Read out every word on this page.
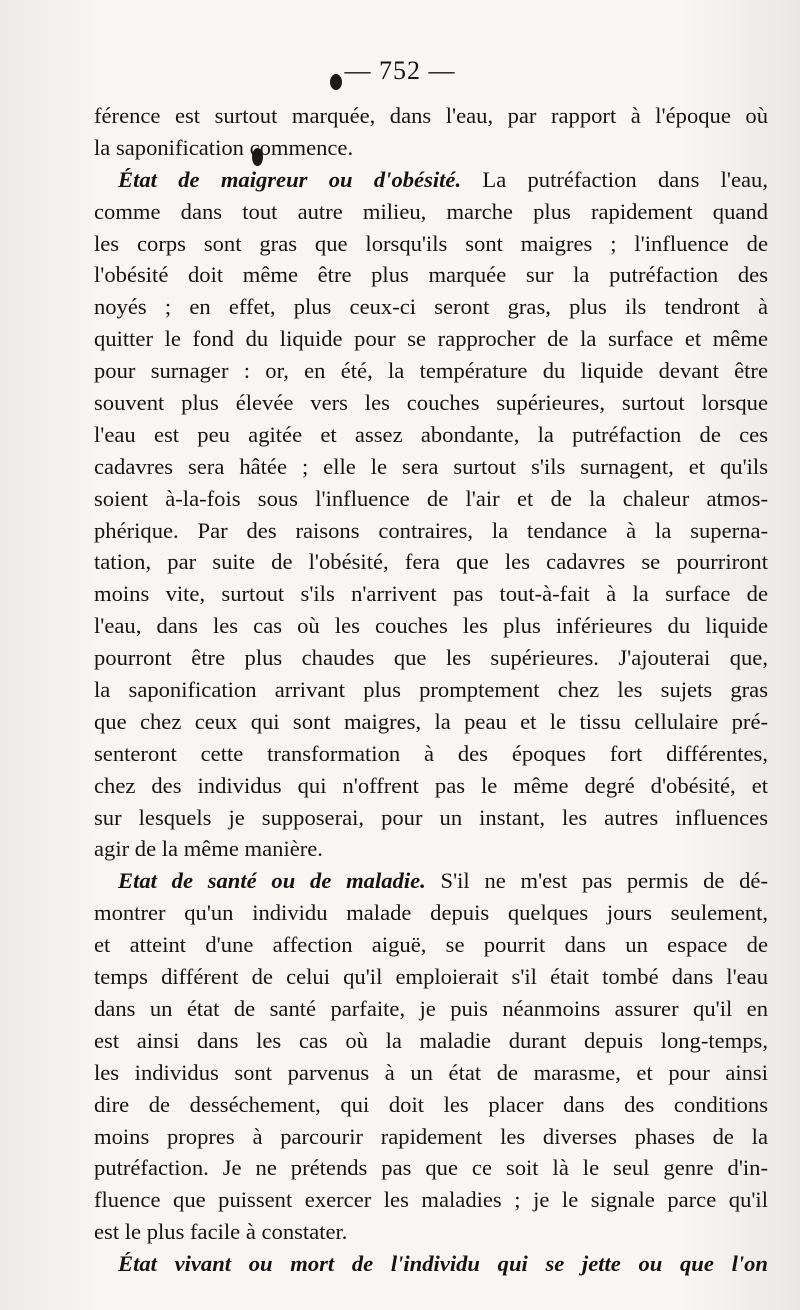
— 752 —
férence est surtout marquée, dans l'eau, par rapport à l'époque où
la saponification commence.
État de maigreur ou d'obésité. La putréfaction dans l'eau,
comme dans tout autre milieu, marche plus rapidement quand
les corps sont gras que lorsqu'ils sont maigres ; l'influence de
l'obésité doit même être plus marquée sur la putréfaction des
noyés ; en effet, plus ceux-ci seront gras, plus ils tendront à
quitter le fond du liquide pour se rapprocher de la surface et même
pour surnager : or, en été, la température du liquide devant être
souvent plus élevée vers les couches supérieures, surtout lorsque
l'eau est peu agitée et assez abondante, la putréfaction de ces
cadavres sera hâtée ; elle le sera surtout s'ils surnagent, et qu'ils
soient à-la-fois sous l'influence de l'air et de la chaleur atmos-
phérique. Par des raisons contraires, la tendance à la superna-
tation, par suite de l'obésité, fera que les cadavres se pourriront
moins vite, surtout s'ils n'arrivent pas tout-à-fait à la surface de
l'eau, dans les cas où les couches les plus inférieures du liquide
pourront être plus chaudes que les supérieures. J'ajouterai que,
la saponification arrivant plus promptement chez les sujets gras
que chez ceux qui sont maigres, la peau et le tissu cellulaire pré-
senteront cette transformation à des époques fort différentes,
chez des individus qui n'offrent pas le même degré d'obésité, et
sur lesquels je supposerai, pour un instant, les autres influences
agir de la même manière.
Etat de santé ou de maladie. S'il ne m'est pas permis de dé-
montrer qu'un individu malade depuis quelques jours seulement,
et atteint d'une affection aiguë, se pourrit dans un espace de
temps différent de celui qu'il emploierait s'il était tombé dans l'eau
dans un état de santé parfaite, je puis néanmoins assurer qu'il en
est ainsi dans les cas où la maladie durant depuis long-temps,
les individus sont parvenus à un état de marasme, et pour ainsi
dire de desséchement, qui doit les placer dans des conditions
moins propres à parcourir rapidement les diverses phases de la
putréfaction. Je ne prétends pas que ce soit là le seul genre d'in-
fluence que puissent exercer les maladies ; je le signale parce qu'il
est le plus facile à constater.
État vivant ou mort de l'individu qui se jette ou que l'on
